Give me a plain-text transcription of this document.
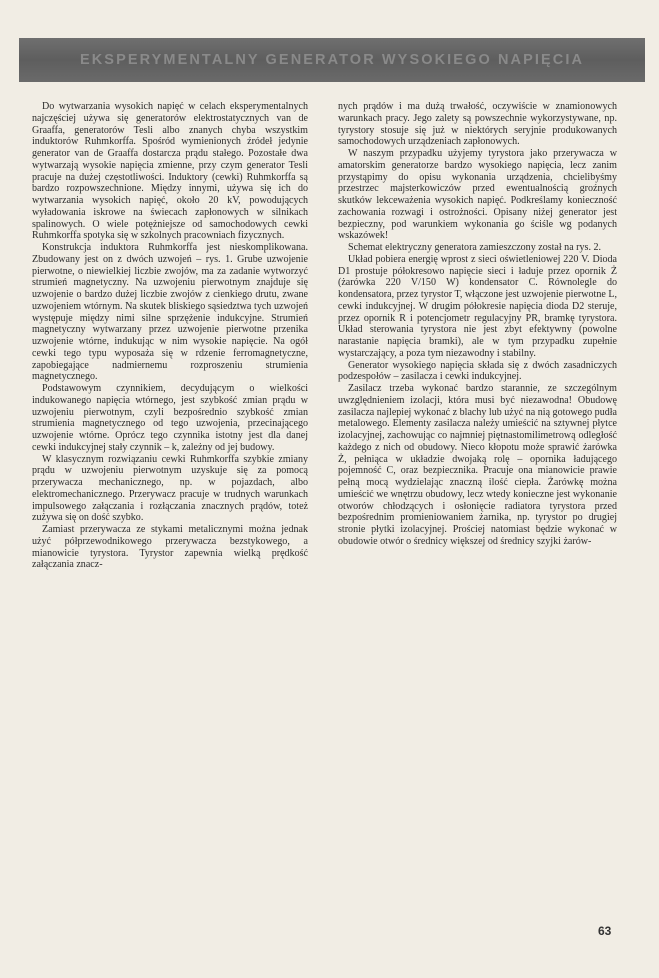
EKSPERYMENTALNY GENERATOR WYSOKIEGO NAPIĘCIA

Do wytwarzania wysokich napięć w celach eksperymentalnych najczęściej używa się generatorów elektrostatycznych van de Graaffa, generatorów Tesli albo znanych chyba wszystkim induktorów Ruhmkorffa. Spośród wymienionych źródeł jedynie generator van de Graaffa dostarcza prądu stałego. Pozostałe dwa wytwarzają wysokie napięcia zmienne, przy czym generator Tesli pracuje na dużej częstotliwości. Induktory (cewki) Ruhmkorffa są bardzo rozpowszechnione. Między innymi, używa się ich do wytwarzania wysokich napięć, około 20 kV, powodujących wyładowania iskrowe na świecach zapłonowych w silnikach spalinowych. O wiele potężniejsze od samochodowych cewki Ruhmkorffa spotyka się w szkolnych pracowniach fizycznych.

Konstrukcja induktora Ruhmkorffa jest nieskomplikowana. Zbudowany jest on z dwóch uzwojeń – rys. 1. Grube uzwojenie pierwotne, o niewielkiej liczbie zwojów, ma za zadanie wytworzyć strumień magnetyczny. Na uzwojeniu pierwotnym znajduje się uzwojenie o bardzo dużej liczbie zwojów z cienkiego drutu, zwane uzwojeniem wtórnym. Na skutek bliskiego sąsiedztwa tych uzwojeń występuje między nimi silne sprzężenie indukcyjne. Strumień magnetyczny wytwarzany przez uzwojenie pierwotne przenika uzwojenie wtórne, indukując w nim wysokie napięcie. Na ogół cewki tego typu wyposaża się w rdzenie ferromagnetyczne, zapobiegające nadmiernemu rozproszeniu strumienia magnetycznego.

Podstawowym czynnikiem, decydującym o wielkości indukowanego napięcia wtórnego, jest szybkość zmian prądu w uzwojeniu pierwotnym, czyli bezpośrednio szybkość zmian strumienia magnetycznego od tego uzwojenia, przecinającego uzwojenie wtórne. Oprócz tego czynnika istotny jest dla danej cewki indukcyjnej stały czynnik – k, zależny od jej budowy.

W klasycznym rozwiązaniu cewki Ruhmkorffa szybkie zmiany prądu w uzwojeniu pierwotnym uzyskuje się za pomocą przerywacza mechanicznego, np. w pojazdach, albo elektromechanicznego. Przerywacz pracuje w trudnych warunkach impulsowego załączania i rozłączania znacznych prądów, toteż zużywa się on dość szybko.

Zamiast przerywacza ze stykami metalicznymi można jednak użyć półprzewodnikowego przerywacza bezstykowego, a mianowicie tyrystora. Tyrystor zapewnia wielką prędkość załączania znacz-

nych prądów i ma dużą trwałość, oczywiście w znamionowych warunkach pracy. Jego zalety są powszechnie wykorzystywane, np. tyrystory stosuje się już w niektórych seryjnie produkowanych samochodowych urządzeniach zapłonowych.

W naszym przypadku użyjemy tyrystora jako przerywacza w amatorskim generatorze bardzo wysokiego napięcia, lecz zanim przystąpimy do opisu wykonania urządzenia, chcielibyśmy przestrzec majsterkowiczów przed ewentualnością groźnych skutków lekceważenia wysokich napięć. Podkreślamy konieczność zachowania rozwagi i ostrożności. Opisany niżej generator jest bezpieczny, pod warunkiem wykonania go ściśle wg podanych wskazówek!

Schemat elektryczny generatora zamieszczony został na rys. 2.

Układ pobiera energię wprost z sieci oświetleniowej 220 V. Dioda D1 prostuje półokresowo napięcie sieci i ładuje przez opornik Ż (żarówka 220 V/150 W) kondensator C. Równolegle do kondensatora, przez tyrystor T, włączone jest uzwojenie pierwotne L, cewki indukcyjnej. W drugim półokresie napięcia dioda D2 steruje, przez opornik R i potencjometr regulacyjny PR, bramkę tyrystora. Układ sterowania tyrystora nie jest zbyt efektywny (powolne narastanie napięcia bramki), ale w tym przypadku zupełnie wystarczający, a poza tym niezawodny i stabilny.

Generator wysokiego napięcia składa się z dwóch zasadniczych podzespołów – zasilacza i cewki indukcyjnej.

Zasilacz trzeba wykonać bardzo starannie, ze szczególnym uwzględnieniem izolacji, która musi być niezawodna! Obudowę zasilacza najlepiej wykonać z blachy lub użyć na nią gotowego pudła metalowego. Elementy zasilacza należy umieścić na sztywnej płytce izolacyjnej, zachowując co najmniej piętnastomilimetrową odległość każdego z nich od obudowy. Nieco kłopotu może sprawić żarówka Ż, pełniąca w układzie dwojaką rolę – opornika ładującego pojemność C, oraz bezpiecznika. Pracuje ona mianowicie prawie pełną mocą wydzielając znaczną ilość ciepła. Żarówkę można umieścić we wnętrzu obudowy, lecz wtedy konieczne jest wykonanie otworów chłodzących i osłonięcie radiatora tyrystora przed bezpośrednim promieniowaniem żarnika, np. tyrystor po drugiej stronie płytki izolacyjnej. Prościej natomiast będzie wykonać w obudowie otwór o średnicy większej od średnicy szyjki żarów-

63
